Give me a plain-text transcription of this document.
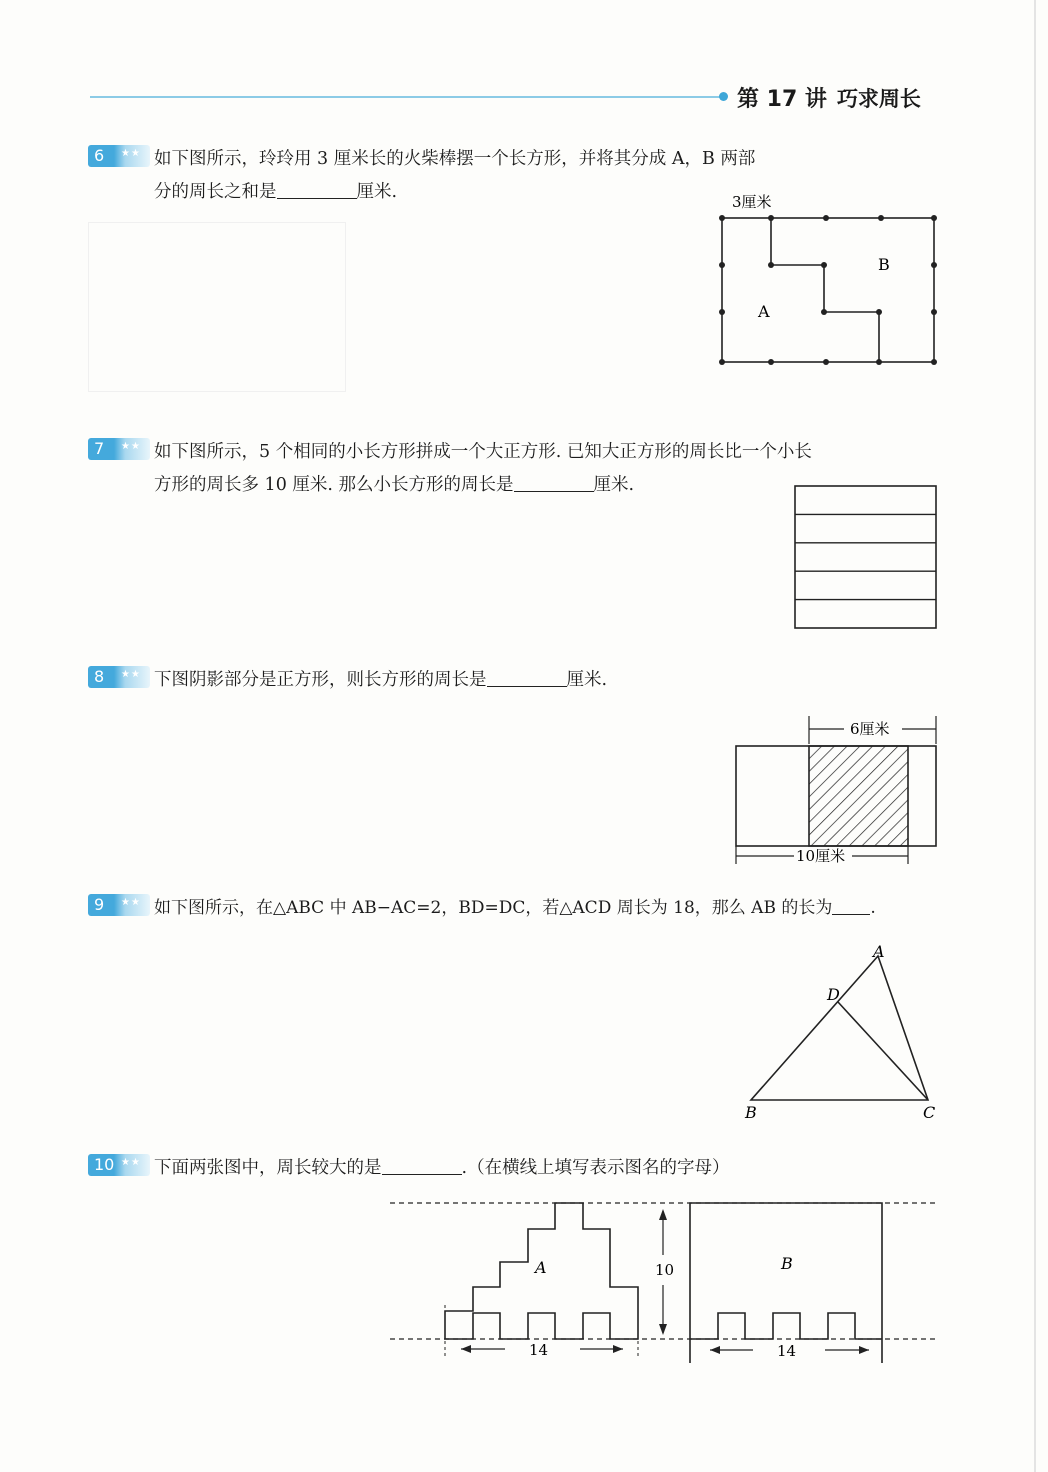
第 17 讲 巧求周长
6 ★★ 如下图所示，玲玲用 3 厘米长的火柴棒摆一个长方形，并将其分成 A，B 两部
分的周长之和是	厘米.	3厘米
A
B
7 ★★ 如下图所示，5 个相同的小长方形拼成一个大正方形. 已知大正方形的周长比一个小长
方形的周长多 10 厘米. 那么小长方形的周长是	厘米.
8 ★★ 下图阴影部分是正方形，则长方形的周长是	厘米.
6厘米
10厘米
9 ★★ 如下图所示，在△ABC 中 AB−AC=2，BD=DC，若△ACD 周长为 18，那么 AB 的长为 .
A
D
B	C
10 ★★ 下面两张图中，周长较大的是	.（在横线上填写表示图名的字母）
A
14
10	B
14
